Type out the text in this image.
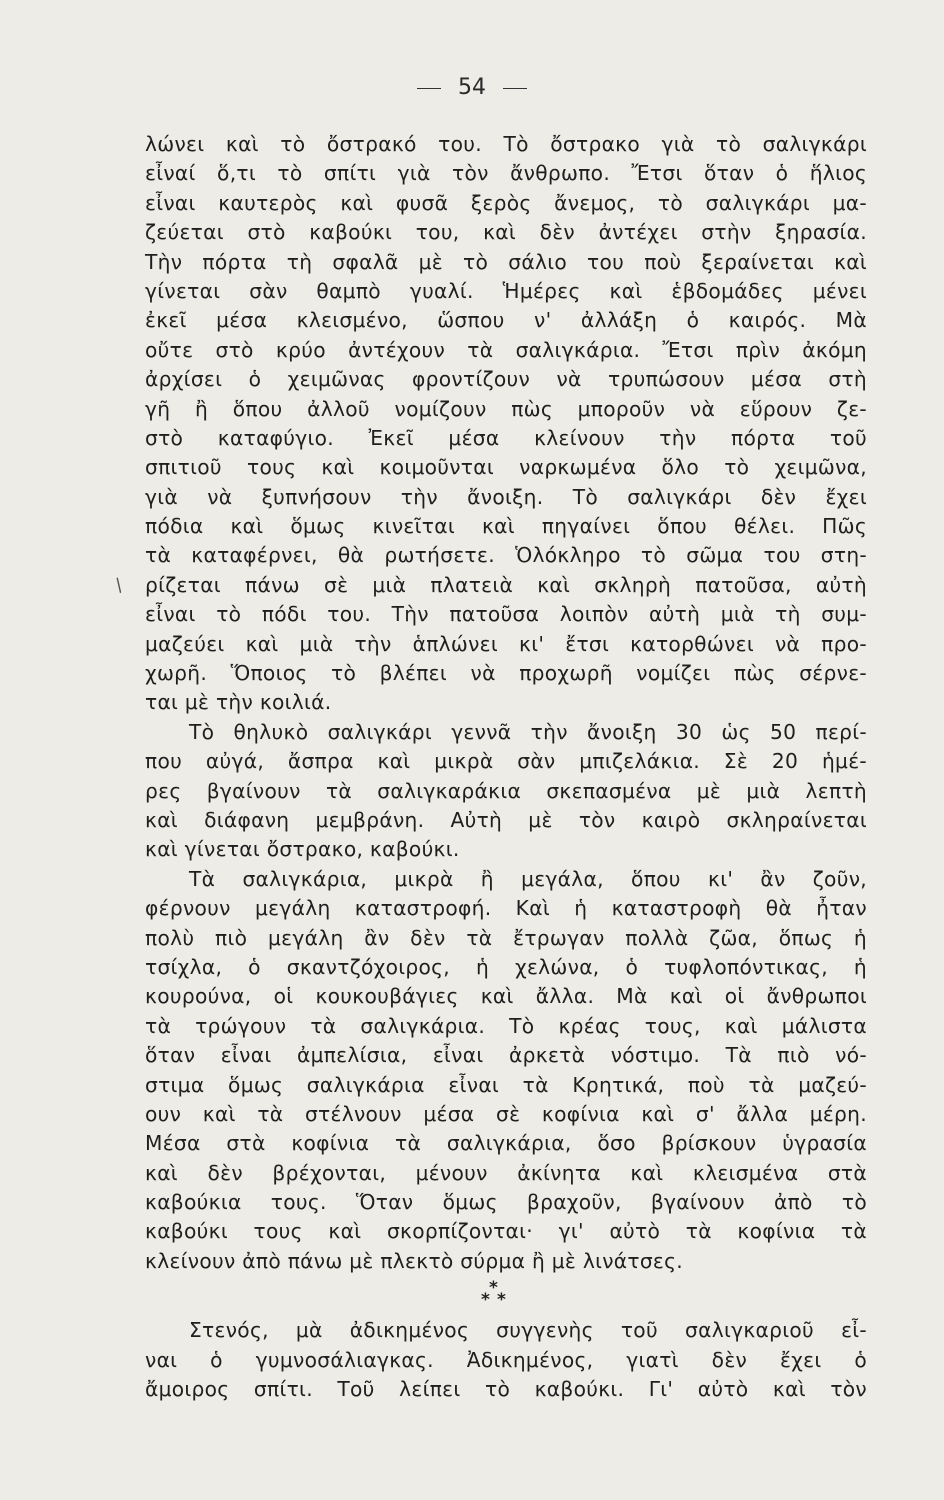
54
/
λώνει καὶ τὸ ὄστρακό του. Τὸ ὄστρακο γιὰ τὸ σαλιγκάρι
εἶναί ὅ,τι τὸ σπίτι γιὰ τὸν ἄνθρωπο. Ἔτσι ὅταν ὁ ἥλιος
εἶναι καυτερὸς καὶ φυσᾶ ξερὸς ἄνεμος, τὸ σαλιγκάρι μα-
ζεύεται στὸ καβούκι του, καὶ δὲν ἀντέχει στὴν ξηρασία.
Τὴν πόρτα τὴ σφαλᾶ μὲ τὸ σάλιο του ποὺ ξεραίνεται καὶ
γίνεται σὰν θαμπὸ γυαλί. Ἡμέρες καὶ ἑβδομάδες μένει
ἐκεῖ μέσα κλεισμένο, ὥσπου ν' ἀλλάξη ὁ καιρός. Μὰ
οὔτε στὸ κρύο ἀντέχουν τὰ σαλιγκάρια. Ἔτσι πρὶν ἀκόμη
ἀρχίσει ὁ χειμῶνας φροντίζουν νὰ τρυπώσουν μέσα στὴ
γῆ ἢ ὅπου ἀλλοῦ νομίζουν πὼς μποροῦν νὰ εὕρουν ζε-
στὸ καταφύγιο. Ἐκεῖ μέσα κλείνουν τὴν πόρτα τοῦ
σπιτιοῦ τους καὶ κοιμοῦνται ναρκωμένα ὅλο τὸ χειμῶνα,
γιὰ νὰ ξυπνήσουν τὴν ἄνοιξη. Τὸ σαλιγκάρι δὲν ἔχει
πόδια καὶ ὅμως κινεῖται καὶ πηγαίνει ὅπου θέλει. Πῶς
τὰ καταφέρνει, θὰ ρωτήσετε. Ὁλόκληρο τὸ σῶμα του στη-
ρίζεται πάνω σὲ μιὰ πλατειὰ καὶ σκληρὴ πατοῦσα, αὐτὴ
εἶναι τὸ πόδι του. Τὴν πατοῦσα λοιπὸν αὐτὴ μιὰ τὴ συμ-
μαζεύει καὶ μιὰ τὴν ἁπλώνει κι' ἔτσι κατορθώνει νὰ προ-
χωρῆ. Ὅποιος τὸ βλέπει νὰ προχωρῆ νομίζει πὼς σέρνε-
ται μὲ τὴν κοιλιά.
Τὸ θηλυκὸ σαλιγκάρι γεννᾶ τὴν ἄνοιξη 30 ὡς 50 περί-
που αὐγά, ἄσπρα καὶ μικρὰ σὰν μπιζελάκια. Σὲ 20 ἡμέ-
ρες βγαίνουν τὰ σαλιγκαράκια σκεπασμένα μὲ μιὰ λεπτὴ
καὶ διάφανη μεμβράνη. Αὐτὴ μὲ τὸν καιρὸ σκληραίνεται
καὶ γίνεται ὄστρακο, καβούκι.
Τὰ σαλιγκάρια, μικρὰ ἢ μεγάλα, ὅπου κι' ἂν ζοῦν,
φέρνουν μεγάλη καταστροφή. Καὶ ἡ καταστροφὴ θὰ ἦταν
πολὺ πιὸ μεγάλη ἂν δὲν τὰ ἔτρωγαν πολλὰ ζῶα, ὅπως ἡ
τσίχλα, ὁ σκαντζόχοιρος, ἡ χελώνα, ὁ τυφλοπόντικας, ἡ
κουρούνα, οἱ κουκουβάγιες καὶ ἄλλα. Μὰ καὶ οἱ ἄνθρωποι
τὰ τρώγουν τὰ σαλιγκάρια. Τὸ κρέας τους, καὶ μάλιστα
ὅταν εἶναι ἀμπελίσια, εἶναι ἀρκετὰ νόστιμο. Τὰ πιὸ νό-
στιμα ὅμως σαλιγκάρια εἶναι τὰ Κρητικά, ποὺ τὰ μαζεύ-
ουν καὶ τὰ στέλνουν μέσα σὲ κοφίνια καὶ σ' ἄλλα μέρη.
Μέσα στὰ κοφίνια τὰ σαλιγκάρια, ὅσο βρίσκουν ὑγρασία
καὶ δὲν βρέχονται, μένουν ἀκίνητα καὶ κλεισμένα στὰ
καβούκια τους. Ὅταν ὅμως βραχοῦν, βγαίνουν ἀπὸ τὸ
καβούκι τους καὶ σκορπίζονται· γι' αὐτὸ τὰ κοφίνια τὰ
κλείνουν ἀπὸ πάνω μὲ πλεκτὸ σύρμα ἢ μὲ λινάτσες.
*
* *
Στενός, μὰ ἀδικημένος συγγενὴς τοῦ σαλιγκαριοῦ εἶ-
ναι ὁ γυμνοσάλιαγκας. Ἀδικημένος, γιατὶ δὲν ἔχει ὁ
ἄμοιρος σπίτι. Τοῦ λείπει τὸ καβούκι. Γι' αὐτὸ καὶ τὸν
